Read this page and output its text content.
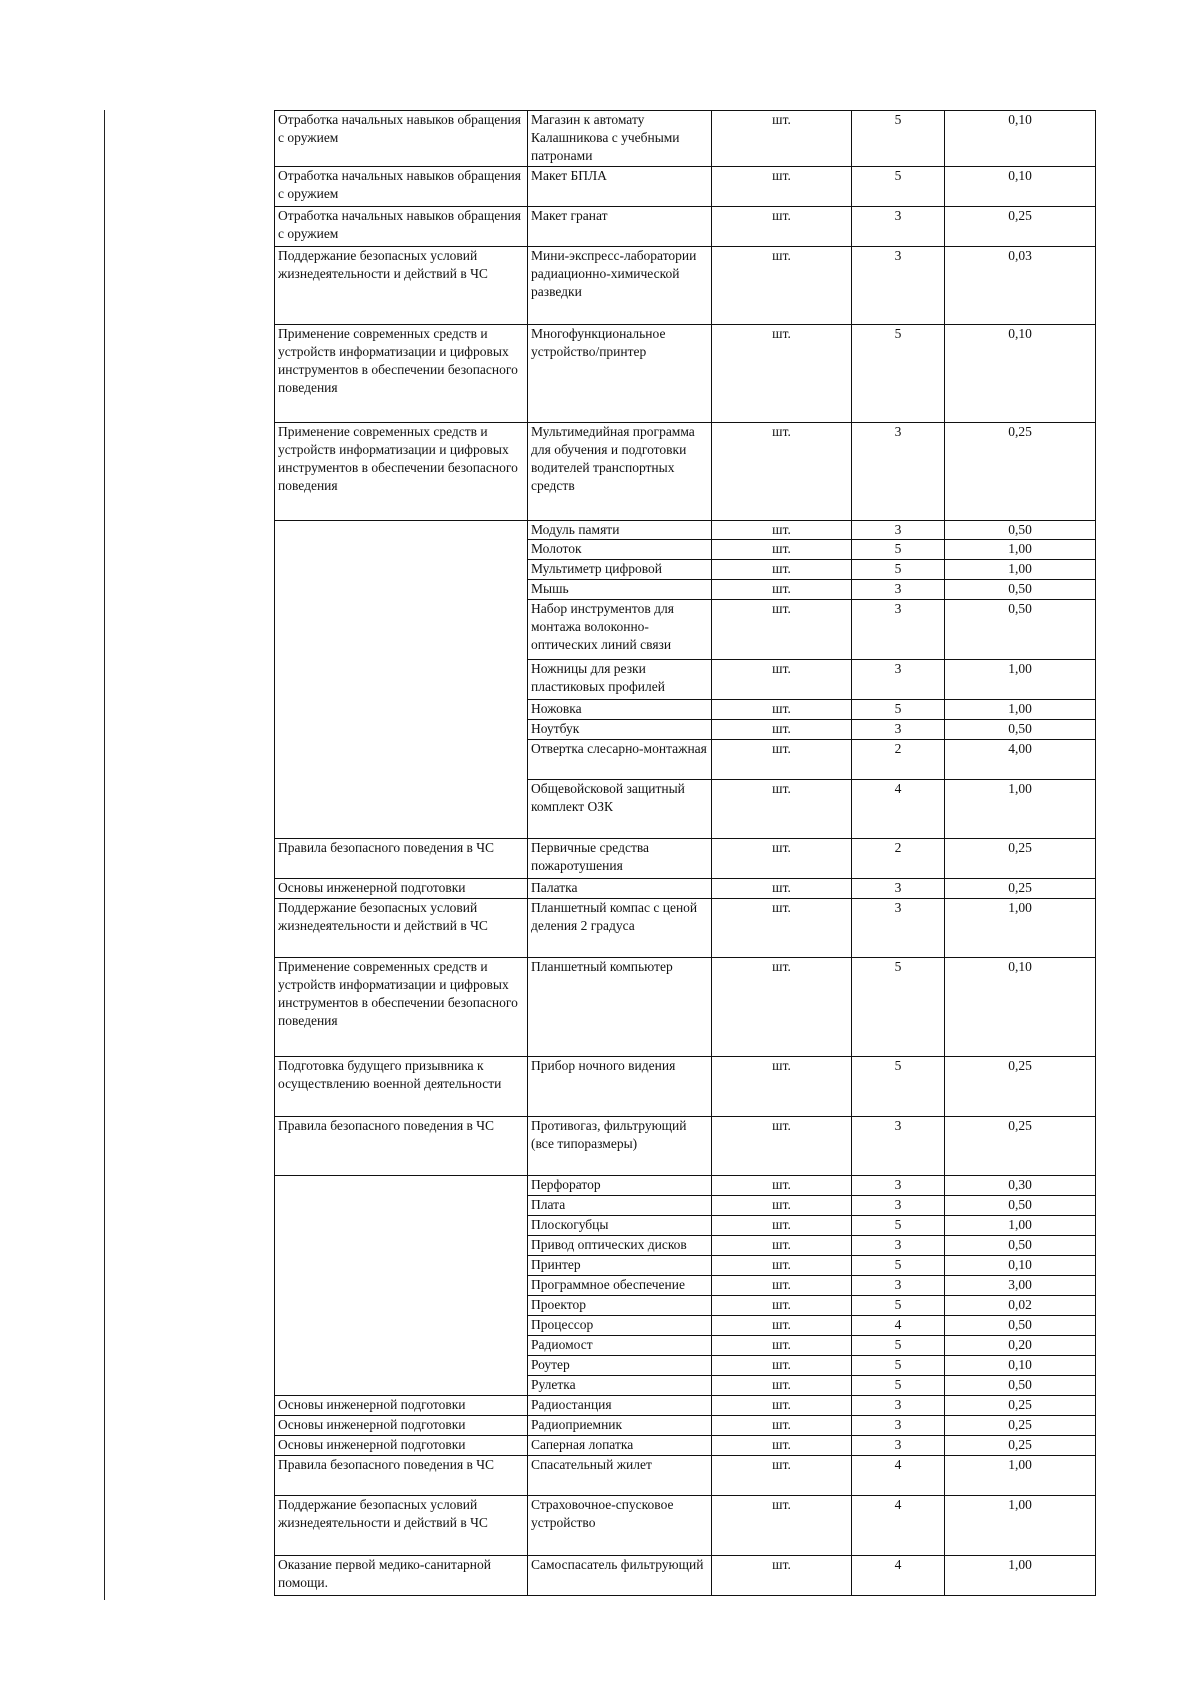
Отработка начальных навыков обращения с оружием	Магазин к автомату Калашникова с учебными патронами	шт.	5	0,10
Отработка начальных навыков обращения с оружием	Макет БПЛА	шт.	5	0,10
Отработка начальных навыков обращения с оружием	Макет гранат	шт.	3	0,25
Поддержание безопасных условий жизнедеятельности и действий в ЧС	Мини-экспресс-лаборатории радиационно-химической разведки	шт.	3	0,03
Применение современных средств и устройств информатизации и цифровых инструментов в обеспечении безопасного поведения	Многофункциональное устройство/принтер	шт.	5	0,10
Применение современных средств и устройств информатизации и цифровых инструментов в обеспечении безопасного поведения	Мультимедийная программа для обучения и подготовки водителей транспортных средств	шт.	3	0,25
	Модуль памяти	шт.	3	0,50
	Молоток	шт.	5	1,00
	Мультиметр цифровой	шт.	5	1,00
	Мышь	шт.	3	0,50
	Набор инструментов для монтажа волоконно-оптических линий связи	шт.	3	0,50
	Ножницы для резки пластиковых профилей	шт.	3	1,00
	Ножовка	шт.	5	1,00
	Ноутбук	шт.	3	0,50
	Отвертка слесарно-монтажная	шт.	2	4,00
	Общевойсковой защитный комплект ОЗК	шт.	4	1,00
Правила безопасного поведения в ЧС	Первичные средства пожаротушения	шт.	2	0,25
Основы инженерной подготовки	Палатка	шт.	3	0,25
Поддержание безопасных условий жизнедеятельности и действий в ЧС	Планшетный компас с ценой деления 2 градуса	шт.	3	1,00
Применение современных средств и устройств информатизации и цифровых инструментов в обеспечении безопасного поведения	Планшетный компьютер	шт.	5	0,10
Подготовка будущего призывника к осуществлению военной деятельности	Прибор ночного видения	шт.	5	0,25
Правила безопасного поведения в ЧС	Противогаз, фильтрующий (все типоразмеры)	шт.	3	0,25
	Перфоратор	шт.	3	0,30
	Плата	шт.	3	0,50
	Плоскогубцы	шт.	5	1,00
	Привод оптических дисков	шт.	3	0,50
	Принтер	шт.	5	0,10
	Программное обеспечение	шт.	3	3,00
	Проектор	шт.	5	0,02
	Процессор	шт.	4	0,50
	Радиомост	шт.	5	0,20
	Роутер	шт.	5	0,10
	Рулетка	шт.	5	0,50
Основы инженерной подготовки	Радиостанция	шт.	3	0,25
Основы инженерной подготовки	Радиоприемник	шт.	3	0,25
Основы инженерной подготовки	Саперная лопатка	шт.	3	0,25
Правила безопасного поведения в ЧС	Спасательный жилет	шт.	4	1,00
Поддержание безопасных условий жизнедеятельности и действий в ЧС	Страховочное-спусковое устройство	шт.	4	1,00
Оказание первой медико-санитарной помощи.	Самоспасатель фильтрующий	шт.	4	1,00
